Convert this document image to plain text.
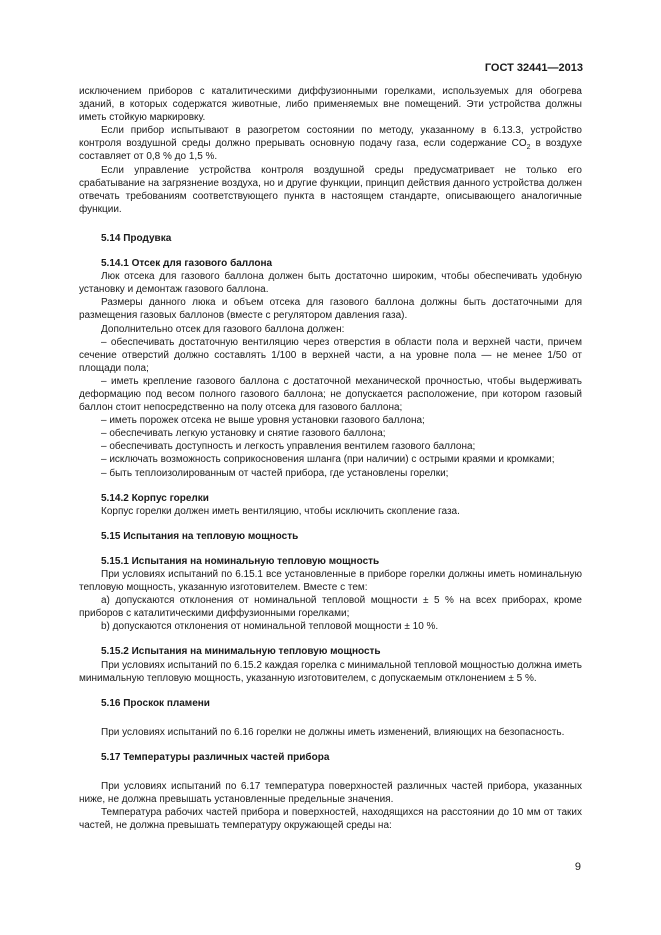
ГОСТ 32441—2013

исключением приборов с каталитическими диффузионными горелками, используемых для обогрева зданий, в которых содержатся животные, либо применяемых вне помещений. Эти устройства должны иметь стойкую маркировку.

Если прибор испытывают в разогретом состоянии по методу, указанному в 6.13.3, устройство контроля воздушной среды должно прерывать основную подачу газа, если содержание $CO_2$ в воздухе составляет от 0,8 % до 1,5 %.

Если управление устройства контроля воздушной среды предусматривает не только его срабатывание на загрязнение воздуха, но и другие функции, принцип действия данного устройства должен отвечать требованиям соответствующего пункта в настоящем стандарте, описывающего аналогичные функции.

5.14 Продувка

5.14.1 Отсек для газового баллона

Люк отсека для газового баллона должен быть достаточно широким, чтобы обеспечивать удобную установку и демонтаж газового баллона.

Размеры данного люка и объем отсека для газового баллона должны быть достаточными для размещения газовых баллонов (вместе с регулятором давления газа).

Дополнительно отсек для газового баллона должен:

– обеспечивать достаточную вентиляцию через отверстия в области пола и верхней части, причем сечение отверстий должно составлять 1/100 в верхней части, а на уровне пола — не менее 1/50 от площади пола;

– иметь крепление газового баллона с достаточной механической прочностью, чтобы выдерживать деформацию под весом полного газового баллона; не допускается расположение, при котором газовый баллон стоит непосредственно на полу отсека для газового баллона;

– иметь порожек отсека не выше уровня установки газового баллона;

– обеспечивать легкую установку и снятие газового баллона;

– обеспечивать доступность и легкость управления вентилем газового баллона;

– исключать возможность соприкосновения шланга (при наличии) с острыми краями и кромками;

– быть теплоизолированным от частей прибора, где установлены горелки;

5.14.2 Корпус горелки

Корпус горелки должен иметь вентиляцию, чтобы исключить скопление газа.

5.15 Испытания на тепловую мощность

5.15.1 Испытания на номинальную тепловую мощность

При условиях испытаний по 6.15.1 все установленные в приборе горелки должны иметь номинальную тепловую мощность, указанную изготовителем. Вместе с тем:

а) допускаются отклонения от номинальной тепловой мощности ± 5 % на всех приборах, кроме приборов с каталитическими диффузионными горелками;

b) допускаются отклонения от номинальной тепловой мощности ± 10 %.

5.15.2 Испытания на минимальную тепловую мощность

При условиях испытаний по 6.15.2 каждая горелка с минимальной тепловой мощностью должна иметь минимальную тепловую мощность, указанную изготовителем, с допускаемым отклонением ± 5 %.

5.16 Проскок пламени

При условиях испытаний по 6.16 горелки не должны иметь изменений, влияющих на безопасность.

5.17 Температуры различных частей прибора

При условиях испытаний по 6.17 температура поверхностей различных частей прибора, указанных ниже, не должна превышать установленные предельные значения.

Температура рабочих частей прибора и поверхностей, находящихся на расстоянии до 10 мм от таких частей, не должна превышать температуру окружающей среды на:

9
